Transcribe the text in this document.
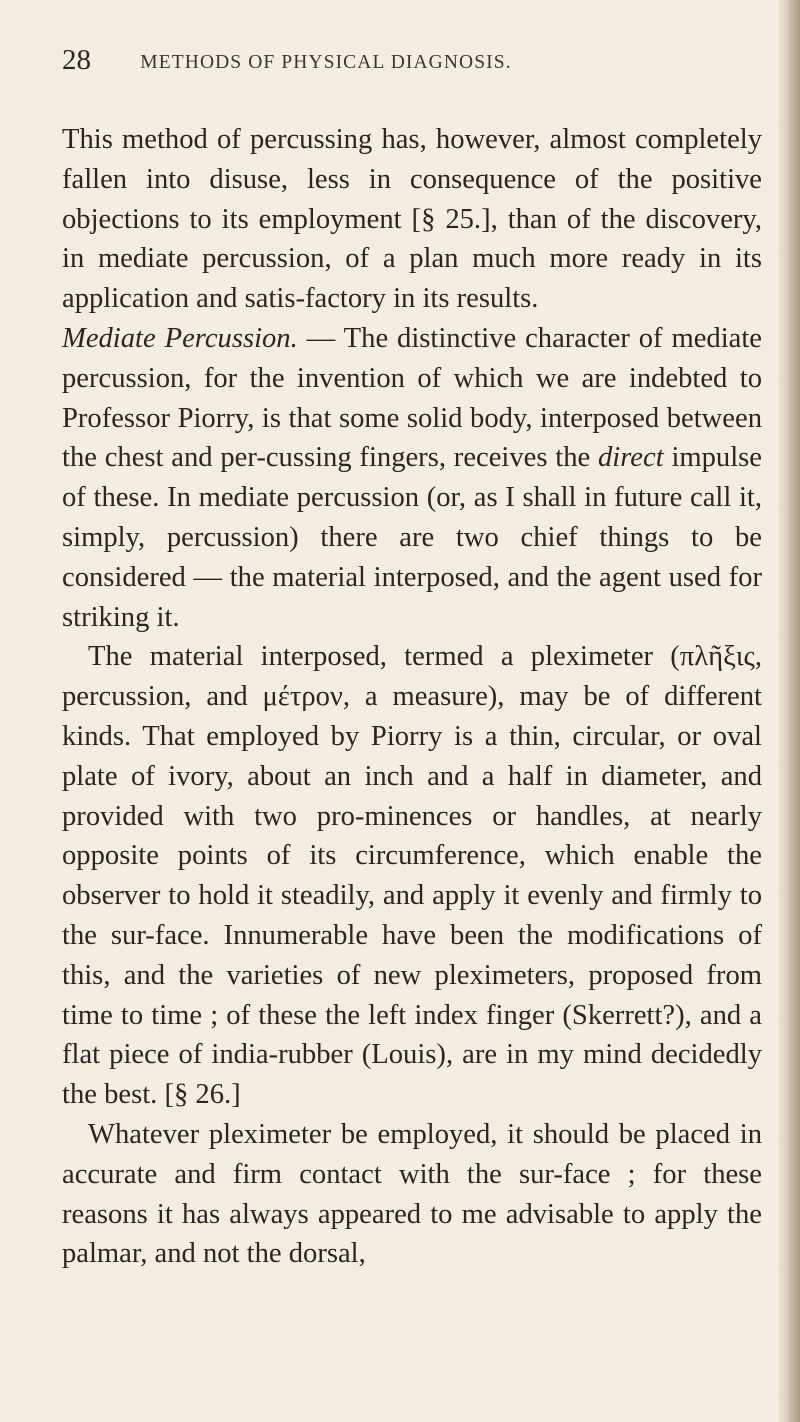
28	METHODS OF PHYSICAL DIAGNOSIS.

This method of percussing has, however, almost completely fallen into disuse, less in consequence of the positive objections to its employment [§ 25.], than of the discovery, in mediate percussion, of a plan much more ready in its application and satis-factory in its results.

Mediate Percussion. — The distinctive character of mediate percussion, for the invention of which we are indebted to Professor Piorry, is that some solid body, interposed between the chest and per-cussing fingers, receives the direct impulse of these. In mediate percussion (or, as I shall in future call it, simply, percussion) there are two chief things to be considered — the material interposed, and the agent used for striking it.

The material interposed, termed a pleximeter (πλῆξις, percussion, and μέτρον, a measure), may be of different kinds. That employed by Piorry is a thin, circular, or oval plate of ivory, about an inch and a half in diameter, and provided with two pro-minences or handles, at nearly opposite points of its circumference, which enable the observer to hold it steadily, and apply it evenly and firmly to the sur-face. Innumerable have been the modifications of this, and the varieties of new pleximeters, proposed from time to time ; of these the left index finger (Skerrett?), and a flat piece of india-rubber (Louis), are in my mind decidedly the best. [§ 26.]

Whatever pleximeter be employed, it should be placed in accurate and firm contact with the sur-face ; for these reasons it has always appeared to me advisable to apply the palmar, and not the dorsal,
